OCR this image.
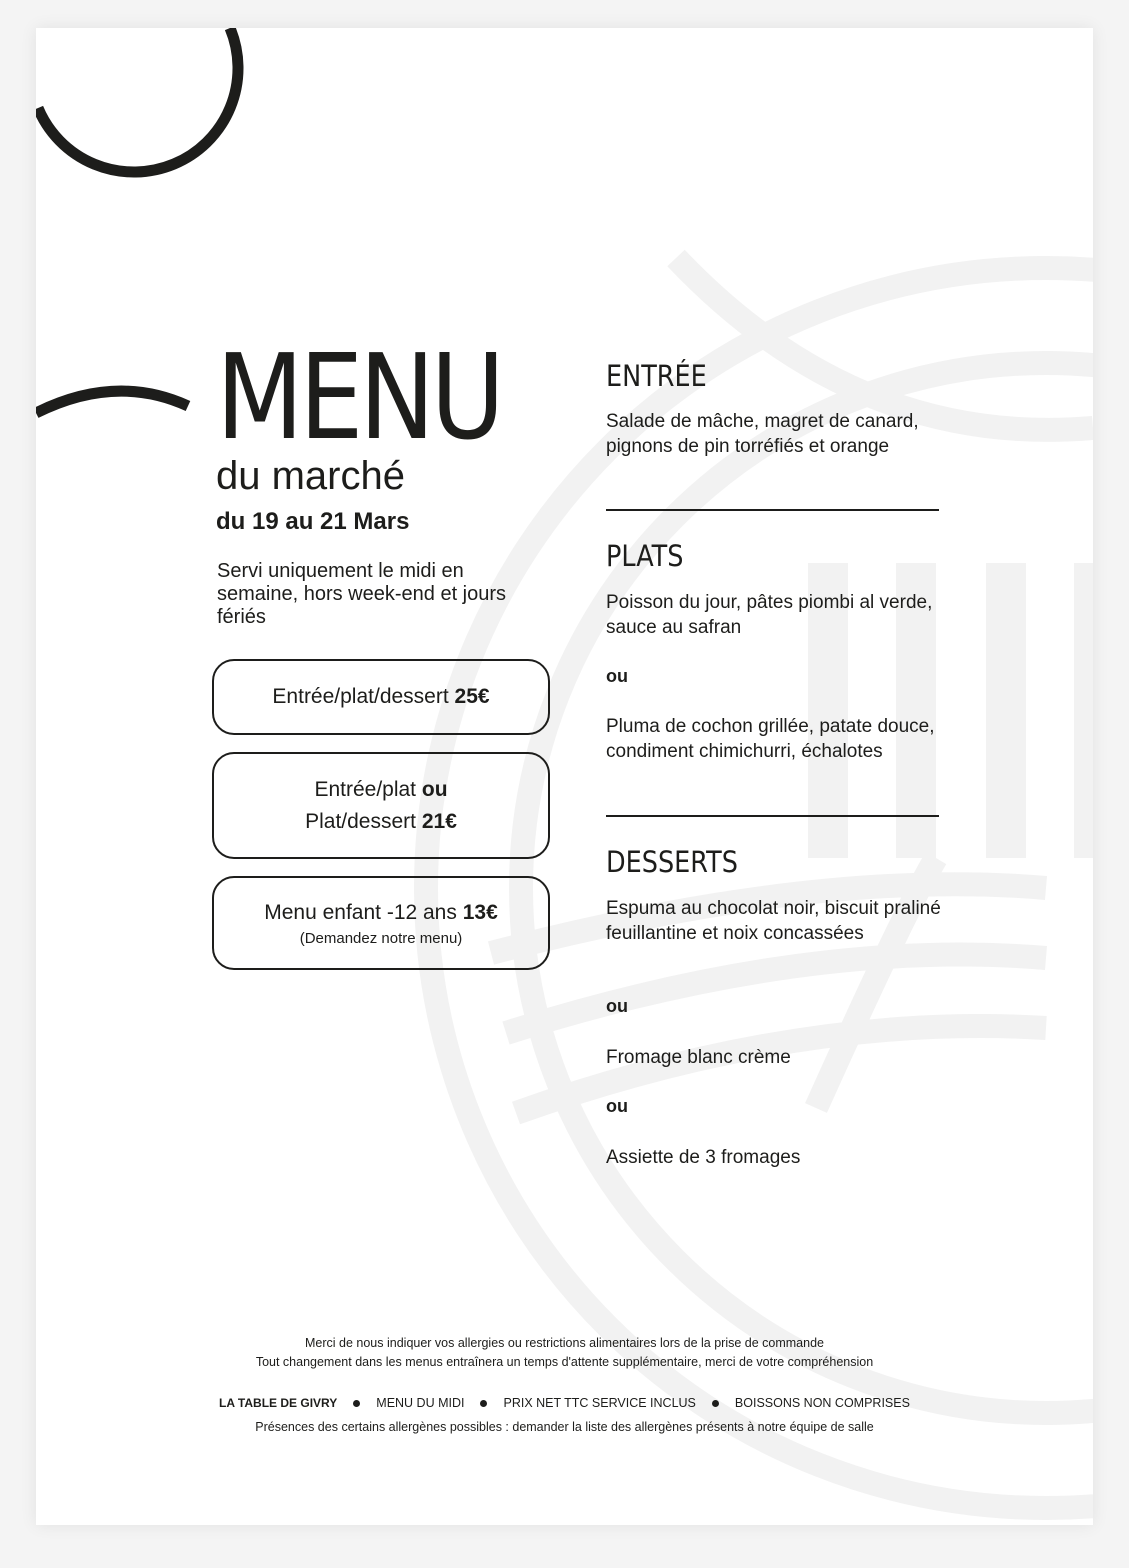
MENU
du marché
du 19 au 21 Mars
Servi uniquement le midi en semaine, hors week-end et jours fériés
Entrée/plat/dessert 25€
Entrée/plat ou
Plat/dessert 21€
Menu enfant -12 ans 13€
(Demandez notre menu)
ENTRÉE
Salade de mâche, magret de canard, pignons de pin torréfiés et orange
PLATS
Poisson du jour, pâtes piombi al verde, sauce au safran
ou
Pluma de cochon grillée, patate douce, condiment chimichurri, échalotes
DESSERTS
Espuma au chocolat noir, biscuit praliné feuillantine et noix concassées
ou
Fromage blanc crème
ou
Assiette de 3 fromages
Merci de nous indiquer vos allergies ou restrictions alimentaires lors de la prise de commande
Tout changement dans les menus entraînera un temps d'attente supplémentaire, merci de votre compréhension
LA TABLE DE GIVRY	MENU DU MIDI	PRIX NET TTC SERVICE INCLUS	BOISSONS NON COMPRISES
Présences des certains allergènes possibles : demander la liste des allergènes présents à notre équipe de salle
